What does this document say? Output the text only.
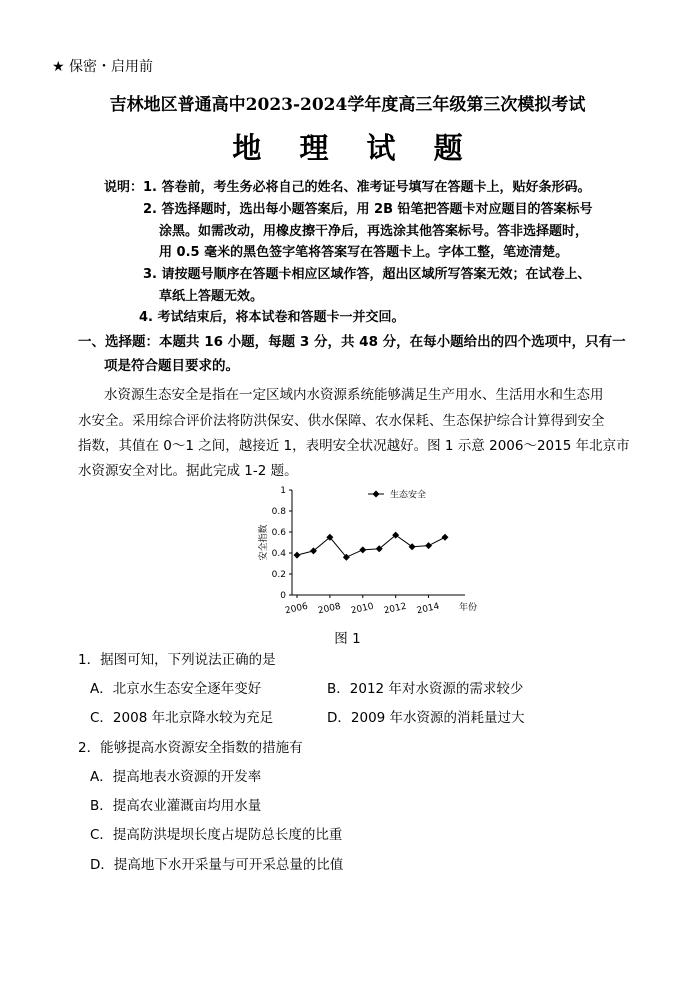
★ 保密・启用前
吉林地区普通高中2023-2024学年度高三年级第三次模拟考试
地 理 试 题
说明： 1. 答卷前，考生务必将自己的姓名、准考证号填写在答题卡上，贴好条形码。
2. 答选择题时，选出每小题答案后，用 2B 铅笔把答题卡对应题目的答案标号
涂黑。如需改动，用橡皮擦干净后，再选涂其他答案标号。答非选择题时，
用 0.5 毫米的黑色签字笔将答案写在答题卡上。字体工整，笔迹清楚。
3. 请按题号顺序在答题卡相应区域作答，超出区域所写答案无效；在试卷上、
草纸上答题无效。
4. 考试结束后，将本试卷和答题卡一并交回。
一、选择题：本题共 16 小题，每题 3 分，共 48 分，在每小题给出的四个选项中，只有一
项是符合题目要求的。
水资源生态安全是指在一定区域内水资源系统能够满足生产用水、生活用水和生态用
水安全。采用综合评价法将防洪保安、供水保障、农水保耗、生态保护综合计算得到安全
指数，其值在 0～1 之间，越接近 1，表明安全状况越好。图 1 示意 2006～2015 年北京市
水资源安全对比。据此完成 1-2 题。
0
0.2
0.4
0.6
0.8
1
安全指数
2006 2008 2010 2012 2014 年份
生态安全
图 1
1．据图可知，下列说法正确的是
A．北京水生态安全逐年变好	B．2012 年对水资源的需求较少
C．2008 年北京降水较为充足	D．2009 年水资源的消耗量过大
2．能够提高水资源安全指数的措施有
A．提高地表水资源的开发率
B．提高农业灌溉亩均用水量
C．提高防洪堤坝长度占堤防总长度的比重
D．提高地下水开采量与可开采总量的比值
